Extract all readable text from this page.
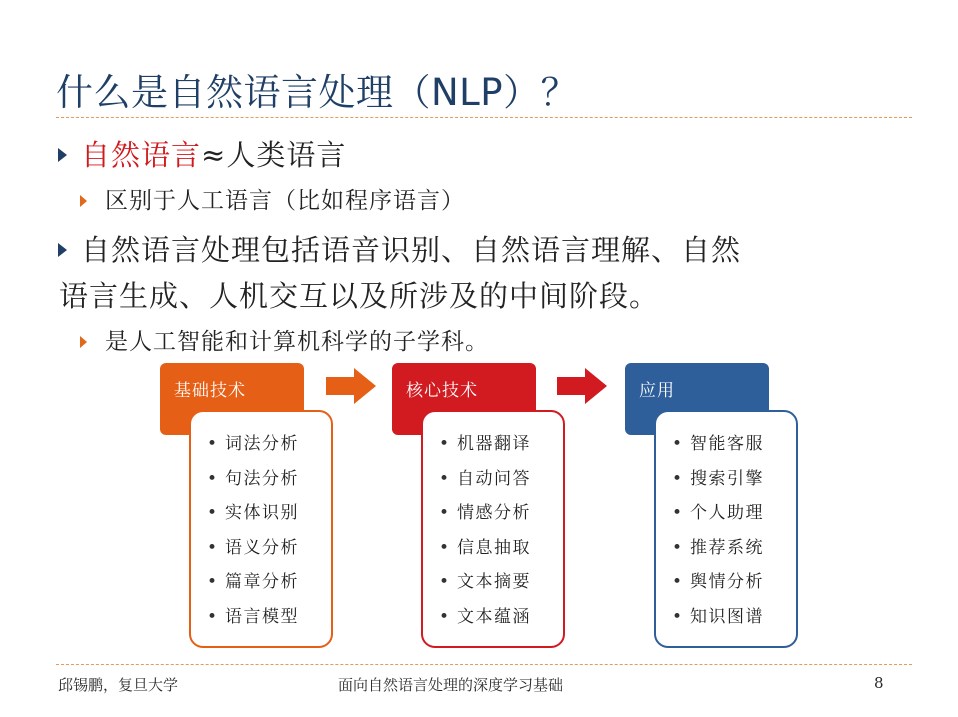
什么是自然语言处理（NLP）？
自然语言≈人类语言
区别于人工语言（比如程序语言）
自然语言处理包括语音识别、自然语言理解、自然
语言生成、人机交互以及所涉及的中间阶段。
是人工智能和计算机科学的子学科。
基础技术
• 词法分析
• 句法分析
• 实体识别
• 语义分析
• 篇章分析
• 语言模型
核心技术
• 机器翻译
• 自动问答
• 情感分析
• 信息抽取
• 文本摘要
• 文本蕴涵
应用
• 智能客服
• 搜索引擎
• 个人助理
• 推荐系统
• 舆情分析
• 知识图谱
邱锡鹏，复旦大学	面向自然语言处理的深度学习基础	8
